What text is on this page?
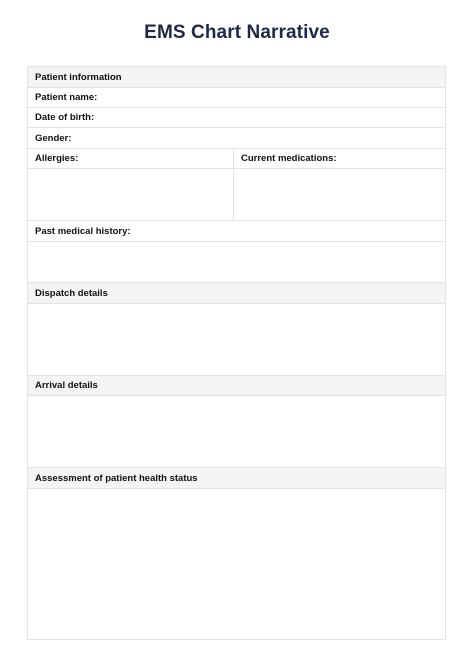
EMS Chart Narrative
Patient information
Patient name:
Date of birth:
Gender:
Allergies:	Current medications:
Past medical history:
Dispatch details
Arrival details
Assessment of patient health status
